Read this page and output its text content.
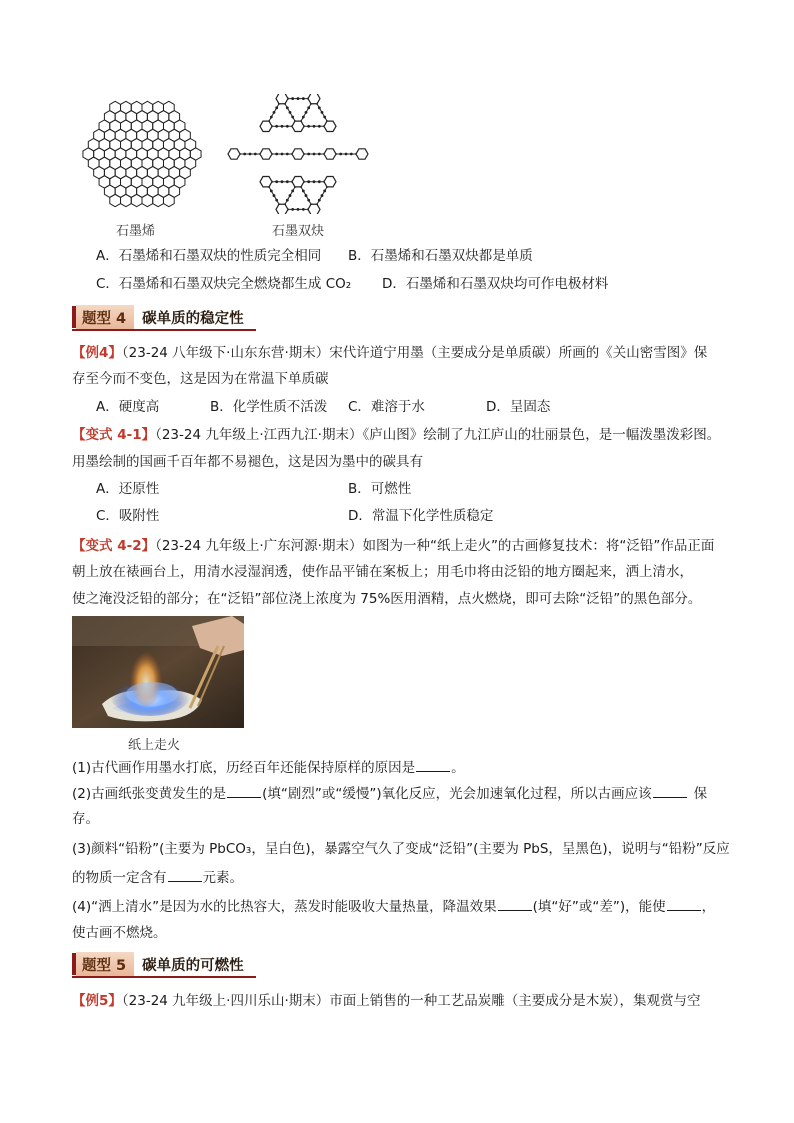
石墨烯	石墨双炔
A．石墨烯和石墨双炔的性质完全相同 B．石墨烯和石墨双炔都是单质
C．石墨烯和石墨双炔完全燃烧都生成 CO₂ D．石墨烯和石墨双炔均可作电极材料
题型 4	碳单质的稳定性
【例4】（23-24 八年级下·山东东营·期末）宋代许道宁用墨（主要成分是单质碳）所画的《关山密雪图》保
存至今而不变色，这是因为在常温下单质碳
A．硬度高	B．化学性质不活泼 C．难溶于水	D．呈固态
【变式 4-1】（23-24 九年级上·江西九江·期末）《庐山图》绘制了九江庐山的壮丽景色，是一幅泼墨泼彩图。
用墨绘制的国画千百年都不易褪色，这是因为墨中的碳具有
A．还原性	B．可燃性
C．吸附性	D．常温下化学性质稳定
【变式 4-2】（23-24 九年级上·广东河源·期末）如图为一种“纸上走火”的古画修复技术：将“泛铅”作品正面
朝上放在裱画台上，用清水浸湿润透，使作品平铺在案板上；用毛巾将由泛铅的地方圈起来，洒上清水，
使之淹没泛铅的部分；在“泛铅”部位浇上浓度为 75%医用酒精，点火燃烧，即可去除“泛铅”的黑色部分。
纸上走火
(1)古代画作用墨水打底，历经百年还能保持原样的原因是	。
(2)古画纸张变黄发生的是	(填“剧烈”或“缓慢”)氧化反应，光会加速氧化过程，所以古画应该	保
存。
(3)颜料“铅粉”(主要为 PbCO₃，呈白色)，暴露空气久了变成“泛铅”(主要为 PbS，呈黑色)，说明与“铅粉”反应
的物质一定含有	元素。
(4)“洒上清水”是因为水的比热容大，蒸发时能吸收大量热量，降温效果	(填“好”或“差”)，能使	，
使古画不燃烧。
题型 5	碳单质的可燃性
【例5】（23-24 九年级上·四川乐山·期末）市面上销售的一种工艺品炭雕（主要成分是木炭），集观赏与空
